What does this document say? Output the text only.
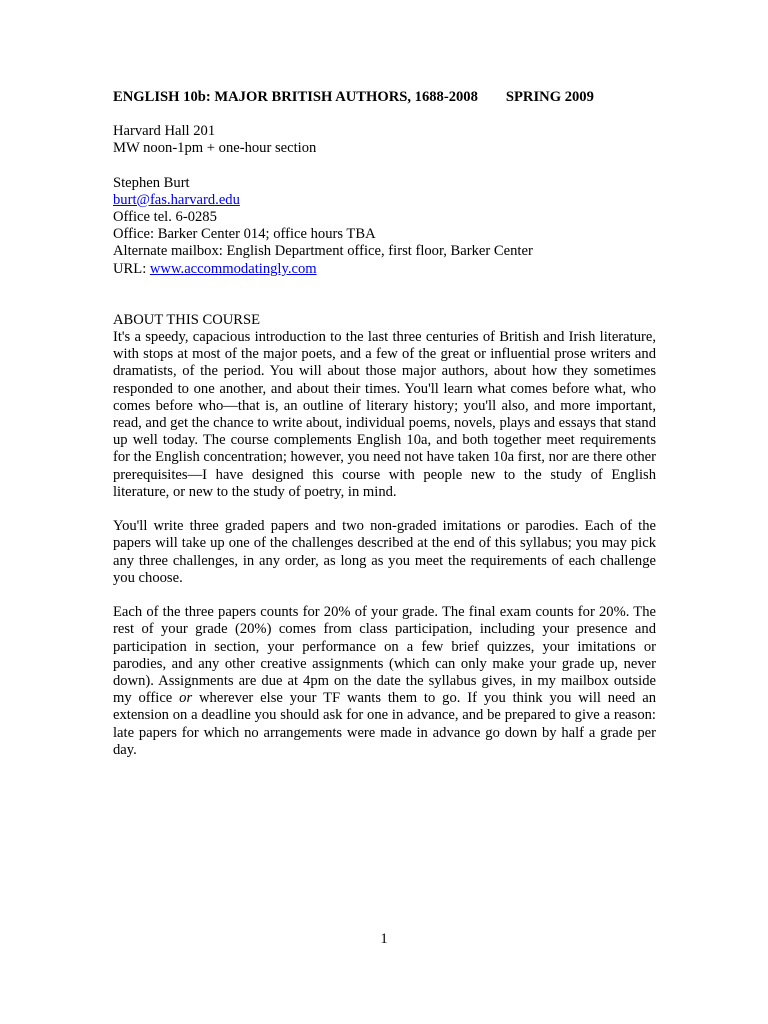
ENGLISH 10b: MAJOR BRITISH AUTHORS, 1688-2008 SPRING 2009
Harvard Hall 201
MW noon-1pm + one-hour section
Stephen Burt
burt@fas.harvard.edu
Office tel. 6-0285
Office: Barker Center 014; office hours TBA
Alternate mailbox: English Department office, first floor, Barker Center
URL: www.accommodatingly.com
ABOUT THIS COURSE

It's a speedy, capacious introduction to the last three centuries of British and Irish literature, with stops at most of the major poets, and a few of the great or influential prose writers and dramatists, of the period. You will about those major authors, about how they sometimes responded to one another, and about their times. You'll learn what comes before what, who comes before who—that is, an outline of literary history; you'll also, and more important, read, and get the chance to write about, individual poems, novels, plays and essays that stand up well today. The course complements English 10a, and both together meet requirements for the English concentration; however, you need not have taken 10a first, nor are there other prerequisites—I have designed this course with people new to the study of English literature, or new to the study of poetry, in mind.

You'll write three graded papers and two non-graded imitations or parodies. Each of the papers will take up one of the challenges described at the end of this syllabus; you may pick any three challenges, in any order, as long as you meet the requirements of each challenge you choose.

Each of the three papers counts for 20% of your grade. The final exam counts for 20%. The rest of your grade (20%) comes from class participation, including your presence and participation in section, your performance on a few brief quizzes, your imitations or parodies, and any other creative assignments (which can only make your grade up, never down). Assignments are due at 4pm on the date the syllabus gives, in my mailbox outside my office or wherever else your TF wants them to go. If you think you will need an extension on a deadline you should ask for one in advance, and be prepared to give a reason: late papers for which no arrangements were made in advance go down by half a grade per day.

1
